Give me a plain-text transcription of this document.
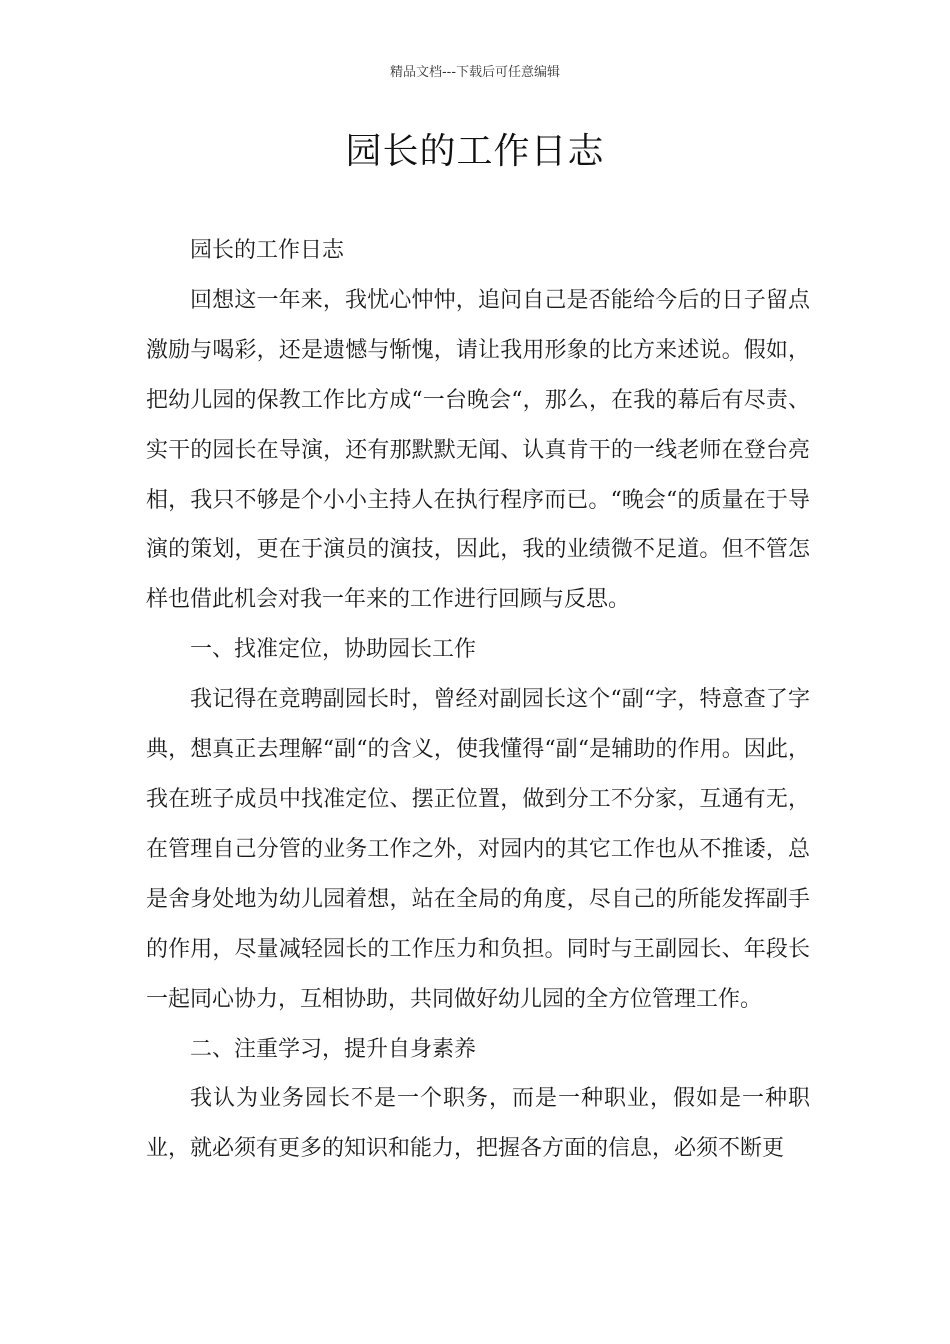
精品文档---下载后可任意编辑
园长的工作日志

园长的工作日志

回想这一年来，我忧心忡忡，追问自己是否能给今后的日子留点激励与喝彩，还是遗憾与惭愧，请让我用形象的比方来述说。假如，把幼儿园的保教工作比方成“一台晚会“，那么，在我的幕后有尽责、实干的园长在导演，还有那默默无闻、认真肯干的一线老师在登台亮相，我只不够是个小小主持人在执行程序而已。“晚会“的质量在于导演的策划，更在于演员的演技，因此，我的业绩微不足道。但不管怎样也借此机会对我一年来的工作进行回顾与反思。

一、找准定位，协助园长工作

我记得在竞聘副园长时，曾经对副园长这个“副“字，特意查了字典，想真正去理解“副“的含义，使我懂得“副“是辅助的作用。因此，我在班子成员中找准定位、摆正位置，做到分工不分家，互通有无，在管理自己分管的业务工作之外，对园内的其它工作也从不推诿，总是舍身处地为幼儿园着想，站在全局的角度，尽自己的所能发挥副手的作用，尽量减轻园长的工作压力和负担。同时与王副园长、年段长一起同心协力，互相协助，共同做好幼儿园的全方位管理工作。

二、注重学习，提升自身素养

我认为业务园长不是一个职务，而是一种职业，假如是一种职业，就必须有更多的知识和能力，把握各方面的信息，必须不断更
